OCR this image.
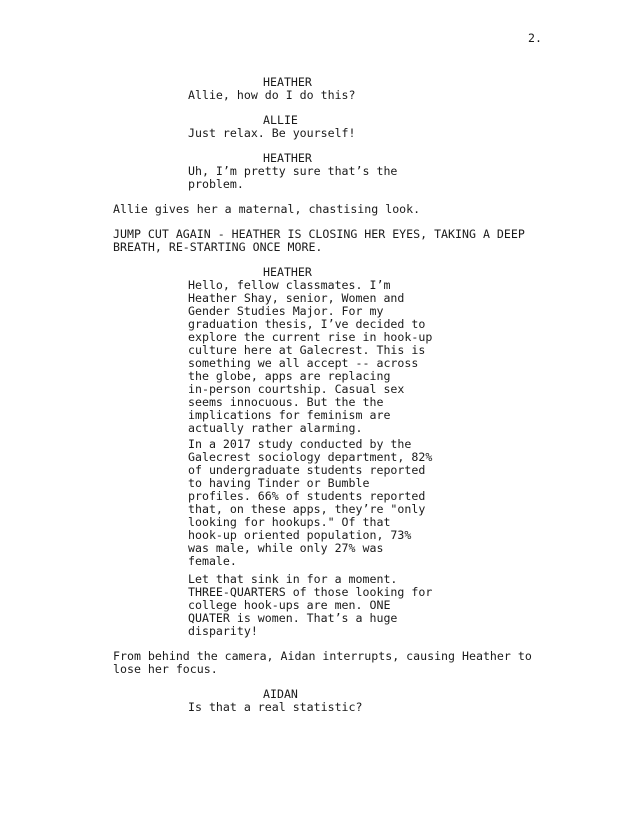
2.
HEATHER
Allie, how do I do this?
ALLIE
Just relax. Be yourself!
HEATHER
Uh, I’m pretty sure that’s the
problem.
Allie gives her a maternal, chastising look.
JUMP CUT AGAIN - HEATHER IS CLOSING HER EYES, TAKING A DEEP
BREATH, RE-STARTING ONCE MORE.
HEATHER
Hello, fellow classmates. I’m
Heather Shay, senior, Women and
Gender Studies Major. For my
graduation thesis, I’ve decided to
explore the current rise in hook-up
culture here at Galecrest. This is
something we all accept -- across
the globe, apps are replacing
in-person courtship. Casual sex
seems innocuous. But the the
implications for feminism are
actually rather alarming.
In a 2017 study conducted by the
Galecrest sociology department, 82%
of undergraduate students reported
to having Tinder or Bumble
profiles. 66% of students reported
that, on these apps, they’re "only
looking for hookups." Of that
hook-up oriented population, 73%
was male, while only 27% was
female.
Let that sink in for a moment.
THREE-QUARTERS of those looking for
college hook-ups are men. ONE
QUATER is women. That’s a huge
disparity!
From behind the camera, Aidan interrupts, causing Heather to
lose her focus.
AIDAN
Is that a real statistic?
